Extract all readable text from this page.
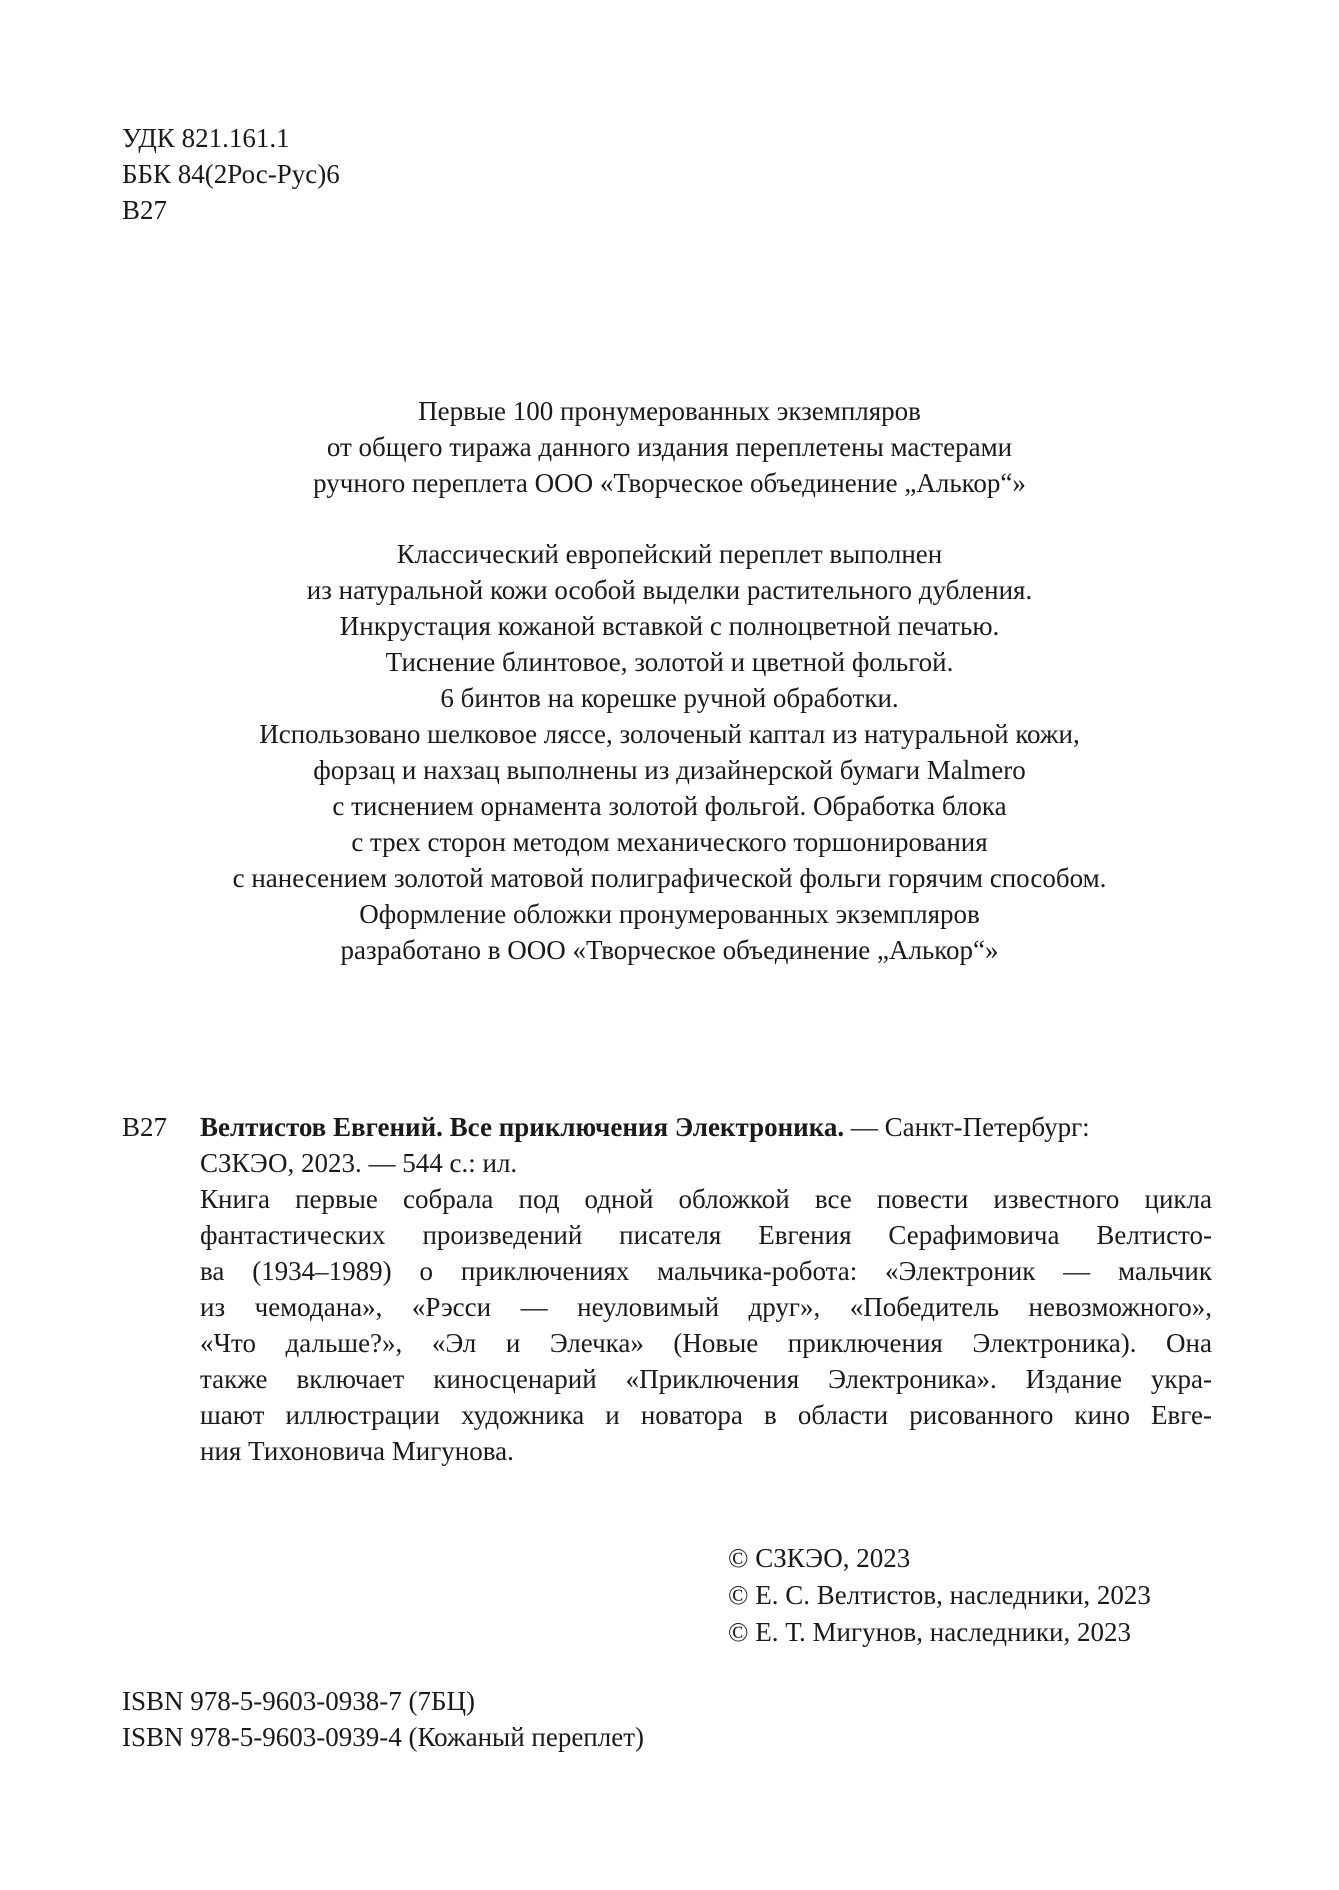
УДК 821.161.1
ББК 84(2Рос-Рус)6
В27
Первые 100 пронумерованных экземпляров
от общего тиража данного издания переплетены мастерами
ручного переплета ООО «Творческое объединение „Алькор“»
Классический европейский переплет выполнен
из натуральной кожи особой выделки растительного дубления.
Инкрустация кожаной вставкой с полноцветной печатью.
Тиснение блинтовое, золотой и цветной фольгой.
6 бинтов на корешке ручной обработки.
Использовано шелковое ляссе, золоченый каптал из натуральной кожи,
форзац и нахзац выполнены из дизайнерской бумаги Malmero
с тиснением орнамента золотой фольгой. Обработка блока
с трех сторон методом механического торшонирования
с нанесением золотой матовой полиграфической фольги горячим способом.
Оформление обложки пронумерованных экземпляров
разработано в ООО «Творческое объединение „Алькор“»
В27 Велтистов Евгений. Все приключения Электроника. — Санкт-Петербург:
СЗКЭО, 2023. — 544 с.: ил.
Книга первые собрала под одной обложкой все повести известного цикла
фантастических произведений писателя Евгения Серафимовича Велтисто-
ва (1934–1989) о приключениях мальчика-робота: «Электроник — мальчик
из чемодана», «Рэсси — неуловимый друг», «Победитель невозможного»,
«Что дальше?», «Эл и Элечка» (Новые приключения Электроника). Она
также включает киносценарий «Приключения Электроника». Издание укра-
шают иллюстрации художника и новатора в области рисованного кино Евге-
ния Тихоновича Мигунова.
© СЗКЭО, 2023
© Е. С. Велтистов, наследники, 2023
© Е. Т. Мигунов, наследники, 2023
ISBN 978-5-9603-0938-7 (7БЦ)
ISBN 978-5-9603-0939-4 (Кожаный переплет)
